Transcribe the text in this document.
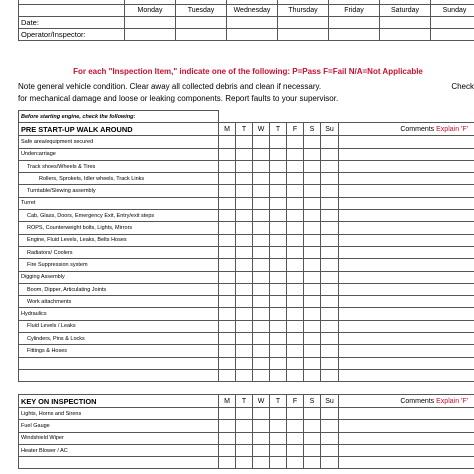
	Monday	Tuesday	Wednesday	Thursday	Friday	Saturday	Sunday
Date:							
Operator/Inspector:							
For each "Inspection Item," indicate one of the following: P=Pass F=Fail N/A=Not Applicable
Note general vehicle condition. Clear away all collected debris and clean if necessary.	Check
for mechanical damage and loose or leaking components. Report faults to your supervisor.
Before starting engine, check the following:								
PRE START-UP WALK AROUND	M	T	W	T	F	S	Su	Comments Explain 'F'
Safe area/equipment secured								
Undercarriage								
Track shoes/Wheels & Tires								
Rollers, Sprokets, Idler wheels, Track Links								
Turntable/Slewing assembly								
Turret								
Cab, Glass, Doors, Emergency Exit, Entry/exit steps								
ROPS, Counterweight bolts, Lights, Mirrors								
Engine, Fluid Levels, Leaks, Belts Hoses								
Radiators/ Coolers								
Fire Suppression system								
Digging Assembly								
Boom, Dipper, Articulating Joints								
Work attachments								
Hydraulics								
Fluid Levels / Leaks								
Cylinders, Pins & Locks								
Fittings & Hoses								

KEY ON INSPECTION	M	T	W	T	F	S	Su	Comments Explain 'F'
Lights, Horns and Sirens								
Fuel Gauge								
Windshield Wiper								
Heater Blower / AC								
